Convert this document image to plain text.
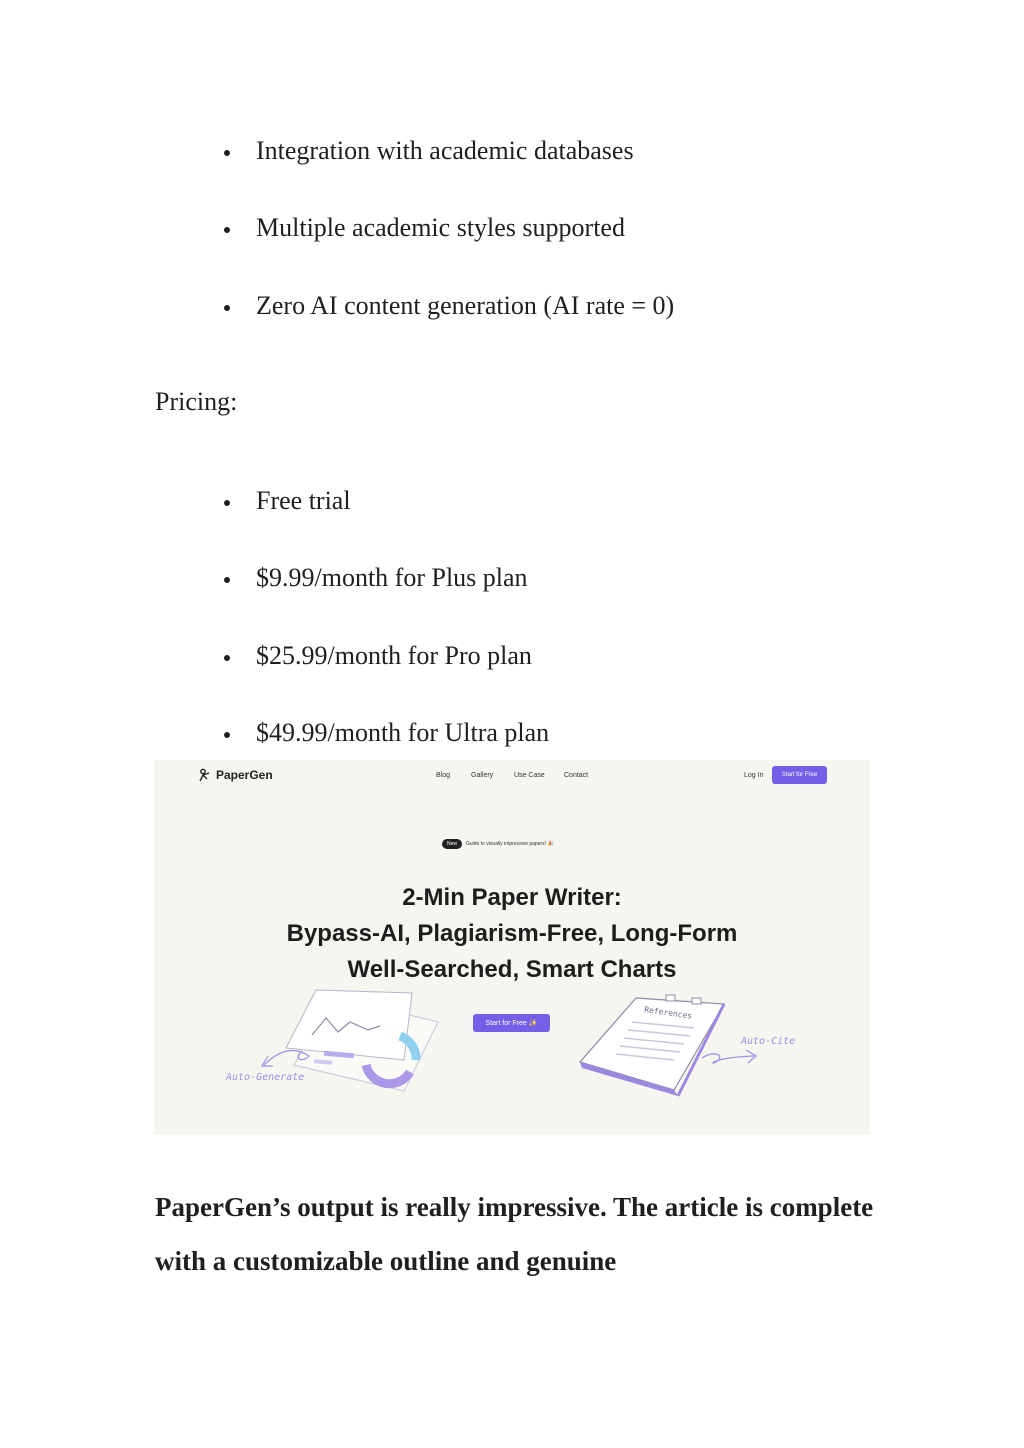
Integration with academic databases
Multiple academic styles supported
Zero AI content generation (AI rate = 0)
Pricing:
Free trial
$9.99/month for Plus plan
$25.99/month for Pro plan
$49.99/month for Ultra plan
References
PaperGen	Blog	Gallery	Use Case	Contact	Log In	Start for Free
New	Guide to visually impressive papers! 🎉
2-Min Paper Writer:
Bypass-AI, Plagiarism-Free, Long-Form
Well-Searched, Smart Charts
Start for Free ✨
Auto-Generate
Auto-Cite
PaperGen’s output is really impressive. The article is complete with a customizable outline and genuine
